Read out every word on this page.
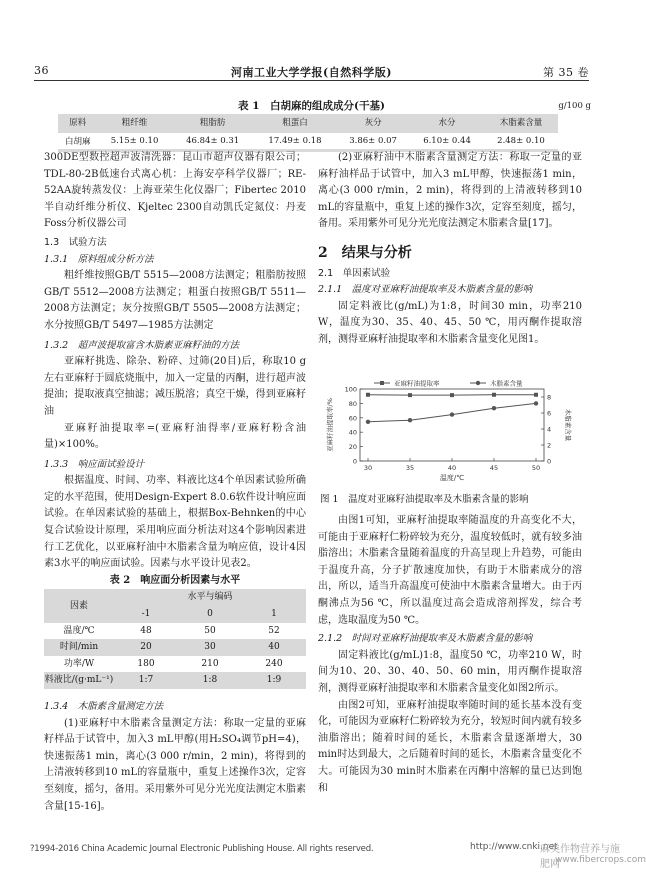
36	河南工业大学学报(自然科学版)	第 35 卷
表 1　白胡麻的组成成分(干基)	g/100 g
原料	粗纤维	粗脂肪	粗蛋白	灰分	水分	木脂素含量

白胡麻	5.15± 0.10	46.84± 0.31	17.49± 0.18	3.86± 0.07	6.10± 0.44	2.48± 0.10

300DE型数控超声波清洗器：昆山市超声仪器有限公司；TDL-80-2B低速台式离心机：上海安亭科学仪器厂；RE-52AA旋转蒸发仪：上海亚荣生化仪器厂；Fibertec 2010半自动纤维分析仪、Kjeltec 2300自动凯氏定氮仪：丹麦Foss分析仪器公司

1.3　试验方法

1.3.1　原料组成分析方法

粗纤维按照GB/T 5515—2008方法测定；粗脂肪按照GB/T 5512—2008方法测定；粗蛋白按照GB/T 5511—2008方法测定；灰分按照GB/T 5505—2008方法测定；水分按照GB/T 5497—1985方法测定

1.3.2　超声波提取富含木脂素亚麻籽油的方法

亚麻籽挑选、除杂、粉碎、过筛(20目)后，称取10 g左右亚麻籽于圆底烧瓶中，加入一定量的丙酮，进行超声波提油；提取液真空抽滤；减压脱溶；真空干燥，得到亚麻籽油

亚麻籽油提取率=(亚麻籽油得率/亚麻籽粉含油量)×100%。

1.3.3　响应面试验设计

根据温度、时间、功率、料液比这4个单因素试验所确定的水平范围，使用Design-Expert 8.0.6软件设计响应面试验。在单因素试验的基础上，根据Box-Behnken的中心复合试验设计原理，采用响应面分析法对这4个影响因素进行工艺优化，以亚麻籽油中木脂素含量为响应值，设计4因素3水平的响应面试验。因素与水平设计见表2。

表 2　响应面分析因素与水平

因素	水平与编码		
	-1	0	1
温度/℃	48	50	52
时间/min	20	30	40
功率/W	180	210	240
料液比/(g·mL⁻¹)	1:7	1:8	1:9

1.3.4　木脂素含量测定方法

(1)亚麻籽中木脂素含量测定方法：称取一定量的亚麻籽样品于试管中，加入3 mL甲醇(用H₂SO₄调节pH=4)，快速振荡1 min，离心(3 000 r/min，2 min)，将得到的上清液转移到10 mL的容量瓶中，重复上述操作3次，定容至刻度，摇匀，备用。采用紫外可见分光光度法测定木脂素含量[15-16]。

(2)亚麻籽油中木脂素含量测定方法：称取一定量的亚麻籽油样品于试管中，加入3 mL甲醇，快速振荡1 min，离心(3 000 r/min，2 min)，将得到的上清液转移到10 mL的容量瓶中，重复上述的操作3次，定容至刻度，摇匀，备用。采用紫外可见分光光度法测定木脂素含量[17]。

2　结果与分析

2.1　单因素试验

2.1.1　温度对亚麻籽油提取率及木脂素含量的影响

固定料液比(g/mL)为1:8，时间30 min，功率210 W，温度为30、35、40、45、50 ℃，用丙酮作提取溶剂，测得亚麻籽油提取率和木脂素含量变化见图1。

0
20
40
60
80
100
0
2
4
6
8
30	35	40	45	50
温度/℃
亚麻籽油提取率/%	木脂素含量
亚麻籽油提取率	木脂素含量
图 1　温度对亚麻籽油提取率及木脂素含量的影响

由图1可知，亚麻籽油提取率随温度的升高变化不大，可能由于亚麻籽仁粉碎较为充分，温度较低时，就有较多油脂溶出；木脂素含量随着温度的升高呈现上升趋势，可能由于温度升高，分子扩散速度加快，有助于木脂素成分的溶出，所以，适当升高温度可使油中木脂素含量增大。由于丙酮沸点为56 ℃，所以温度过高会造成溶剂挥发，综合考虑，选取温度为50 ℃。

2.1.2　时间对亚麻籽油提取率及木脂素含量的影响

固定料液比(g/mL)1:8，温度50 ℃，功率210 W，时间为10、20、30、40、50、60 min，用丙酮作提取溶剂，测得亚麻籽油提取率和木脂素含量变化如图2所示。

由图2可知，亚麻籽油提取率随时间的延长基本没有变化，可能因为亚麻籽仁粉碎较为充分，较短时间内就有较多油脂溶出；随着时间的延长，木脂素含量逐渐增大，30 min时达到最大，之后随着时间的延长，木脂素含量变化不大。可能因为30 min时木脂素在丙酮中溶解的量已达到饱和

?1994-2016 China Academic Journal Electronic Publishing House. All rights reserved.	http://www.cnki.net
麻类作物营养与施肥网
www.fibercrops.com
